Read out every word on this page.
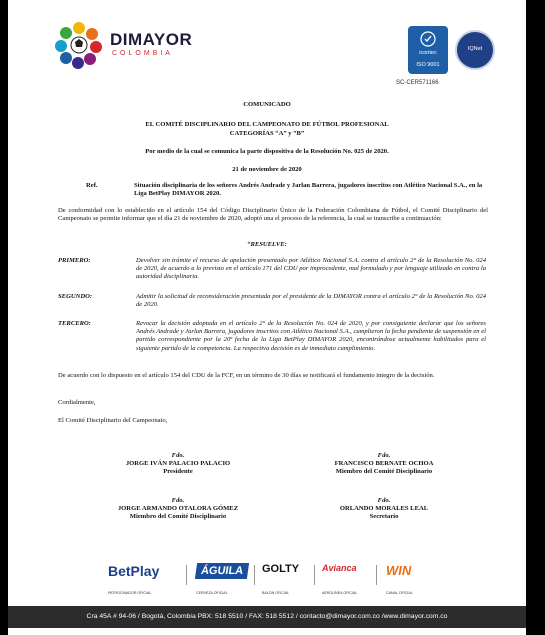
DIMAYOR
COLOMBIA	icontec
ISO 9001
IQNet
SC-CER571166
COMUNICADO
EL COMITÉ DISCIPLINARIO DEL CAMPEONATO DE FÚTBOL PROFESIONAL
CATEGORÍAS “A” y “B”
Por medio de la cual se comunica la parte dispositiva de la Resolución No. 025 de 2020.
21 de noviembre de 2020
Ref.	Situación disciplinaria de los señores Andrés Andrade y Jarlan Barrera, jugadores inscritos con Atlético Nacional S.A., en la Liga BetPlay DIMAYOR 2020.
De conformidad con lo establecido en el artículo 154 del Código Disciplinario Único de la Federación Colombiana de Fútbol, el Comité Disciplinario del Campeonato se permite informar que el día 21 de noviembre de 2020, adoptó una el proceso de la referencia, la cual se transcribe a continuación:
“RESUELVE:
PRIMERO:	Devolver sin trámite el recurso de apelación presentado por Atlético Nacional S.A. contra el artículo 2° de la Resolución No. 024 de 2020, de acuerdo a lo previsto en el artículo 171 del CDU por improcedente, mal formulado y por lenguaje utilizado en contra la autoridad disciplinaria.
SEGUNDO:	Admitir la solicitud de reconsideración presentada por el presidente de la DIMAYOR contra el artículo 2° de la Resolución No. 024 de 2020.
TERCERO:	Revocar la decisión adoptada en el artículo 2° de la Resolución No. 024 de 2020, y por consiguiente declarar que los señores Andrés Andrade y Jarlan Barrera, jugadores inscritos con Atlético Nacional S.A., cumplieron la fecha pendiente de suspensión en el partido correspondiente por la 20ª fecha de la Liga BetPlay DIMAYOR 2020, encontrándose actualmente habilitados para el siguiente partido de la competencia. La respectiva decisión es de inmediato cumplimiento.
De acuerdo con lo dispuesto en el artículo 154 del CDU de la FCF, en un término de 30 días se notificará el fundamento integro de la decisión.
Cordialmente,
El Comité Disciplinario del Campeonato,
Fdo.
JORGE IVÁN PALACIO PALACIO
Presidente
Fdo.
FRANCISCO BERNATE OCHOA
Miembro del Comité Disciplinario
Fdo.
JORGE ARMANDO OTALORA GÓMEZ
Miembro del Comité Disciplinario
Fdo.
ORLANDO MORALES LEAL
Secretario
BetPlay
PATROCINADOR OFICIAL
ÁGUILA
CERVEZA OFICIAL
GOLTY
BALÓN OFICIAL
Avianca
AEROLÍNEA OFICIAL
WIN
CANAL OFICIAL
Cra 45A # 94-06 / Bogotá, Colombia PBX: 518 5510 / FAX: 518 5512 / contacto@dimayor.com.co /www.dimayor.com.co
